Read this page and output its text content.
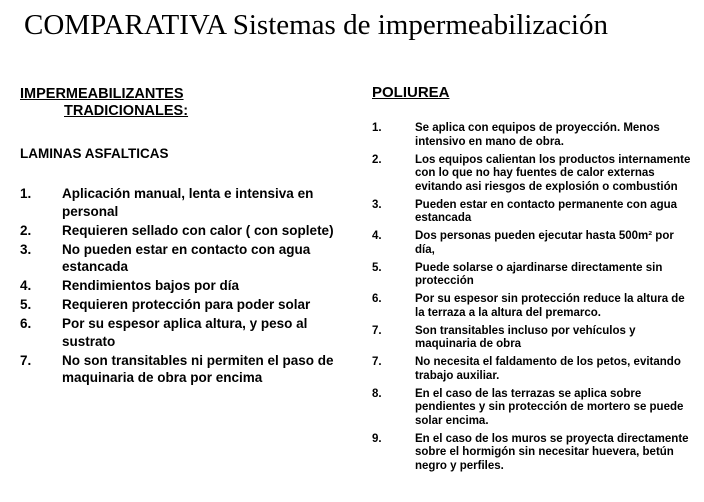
COMPARATIVA Sistemas de impermeabilización
IMPERMEABILIZANTES
TRADICIONALES:
LAMINAS ASFALTICAS
1. Aplicación manual, lenta e intensiva en personal
2. Requieren sellado con calor ( con soplete)
3. No pueden estar en contacto con agua estancada
4. Rendimientos bajos por día
5. Requieren protección para poder solar
6. Por su espesor aplica altura, y peso al sustrato
7. No son transitables ni permiten el paso de maquinaria de obra por encima
POLIUREA
1.	Se aplica con equipos de proyección. Menos intensivo en mano de obra.
2.	Los equipos calientan los productos internamente con lo que no hay fuentes de calor externas evitando asi riesgos de explosión o combustión
3.	Pueden estar en contacto permanente con agua estancada
4.	Dos personas pueden ejecutar hasta 500m² por día,
5.	Puede solarse o ajardinarse directamente sin protección
6.	Por su espesor sin protección reduce la altura de la terraza a la altura del premarco.
7.	Son transitables incluso por vehículos y maquinaria de obra
7.	No necesita el faldamento de los petos, evitando trabajo auxiliar.
8.	En el caso de las terrazas se aplica sobre pendientes y sin protección de mortero se puede solar encima.
9.	En el caso de los muros se proyecta directamente sobre el hormigón sin necesitar huevera, betún negro y perfiles.
